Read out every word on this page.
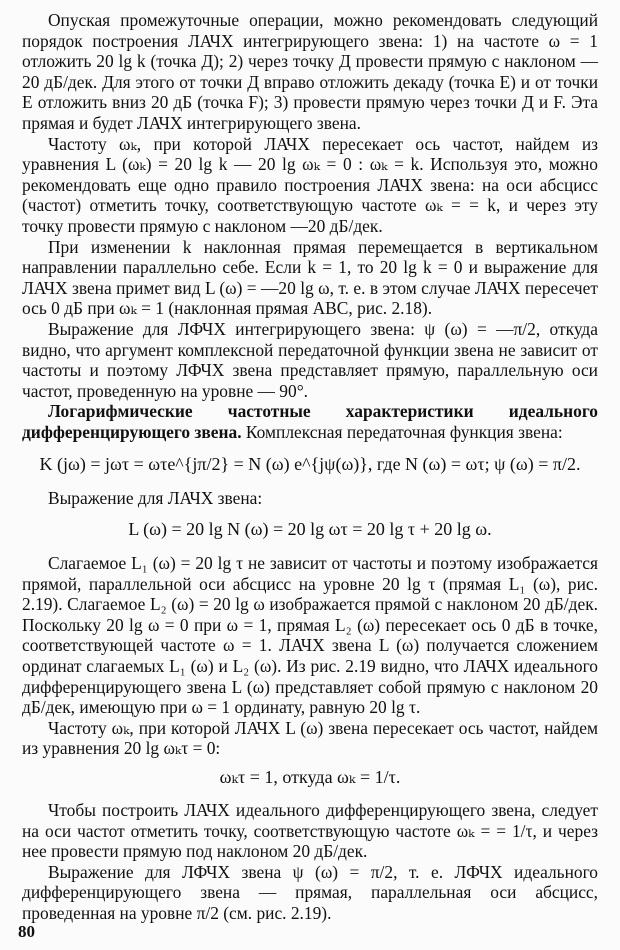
Опуская промежуточные операции, можно рекомендовать следующий порядок построения ЛАЧХ интегрирующего звена: 1) на частоте ω = 1 отложить 20 lg k (точка Д); 2) через точку Д провести прямую с наклоном —20 дБ/дек. Для этого от точки Д вправо отложить декаду (точка E) и от точки E отложить вниз 20 дБ (точка F); 3) провести прямую через точки Д и F. Эта прямая и будет ЛАЧХ интегрирующего звена.

Частоту ωₖ, при которой ЛАЧХ пересекает ось частот, найдем из уравнения L (ωₖ) = 20 lg k — 20 lg ωₖ = 0 : ωₖ = k. Используя это, можно рекомендовать еще одно правило построения ЛАЧХ звена: на оси абсцисс (частот) отметить точку, соответствующую частоте ωₖ = = k, и через эту точку провести прямую с наклоном —20 дБ/дек.

При изменении k наклонная прямая перемещается в вертикальном направлении параллельно себе. Если k = 1, то 20 lg k = 0 и выражение для ЛАЧХ звена примет вид L (ω) = —20 lg ω, т. е. в этом случае ЛАЧХ пересечет ось 0 дБ при ωₖ = 1 (наклонная прямая ABC, рис. 2.18).

Выражение для ЛФЧХ интегрирующего звена: ψ (ω) = —π/2, откуда видно, что аргумент комплексной передаточной функции звена не зависит от частоты и поэтому ЛФЧХ звена представляет прямую, параллельную оси частот, проведенную на уровне — 90°.

Логарифмические частотные характеристики идеального дифференцирующего звена. Комплексная передаточная функция звена:

K (jω) = jωτ = ωτe^{jπ/2} = N (ω) e^{jψ(ω)}, где N (ω) = ωτ; ψ (ω) = π/2.

Выражение для ЛАЧХ звена:

L (ω) = 20 lg N (ω) = 20 lg ωτ = 20 lg τ + 20 lg ω.

Слагаемое L₁ (ω) = 20 lg τ не зависит от частоты и поэтому изображается прямой, параллельной оси абсцисс на уровне 20 lg τ (прямая L₁ (ω), рис. 2.19). Слагаемое L₂ (ω) = 20 lg ω изображается прямой с наклоном 20 дБ/дек. Поскольку 20 lg ω = 0 при ω = 1, прямая L₂ (ω) пересекает ось 0 дБ в точке, соответствующей частоте ω = 1. ЛАЧХ звена L (ω) получается сложением ординат слагаемых L₁ (ω) и L₂ (ω). Из рис. 2.19 видно, что ЛАЧХ идеального дифференцирующего звена L (ω) представляет собой прямую с наклоном 20 дБ/дек, имеющую при ω = 1 ординату, равную 20 lg τ.

Частоту ωₖ, при которой ЛАЧХ L (ω) звена пересекает ось частот, найдем из уравнения 20 lg ωₖτ = 0:

ωₖτ = 1, откуда ωₖ = 1/τ.

Чтобы построить ЛАЧХ идеального дифференцирующего звена, следует на оси частот отметить точку, соответствующую частоте ωₖ = = 1/τ, и через нее провести прямую под наклоном 20 дБ/дек.

Выражение для ЛФЧХ звена ψ (ω) = π/2, т. е. ЛФЧХ идеального дифференцирующего звена — прямая, параллельная оси абсцисс, проведенная на уровне π/2 (см. рис. 2.19).

80
